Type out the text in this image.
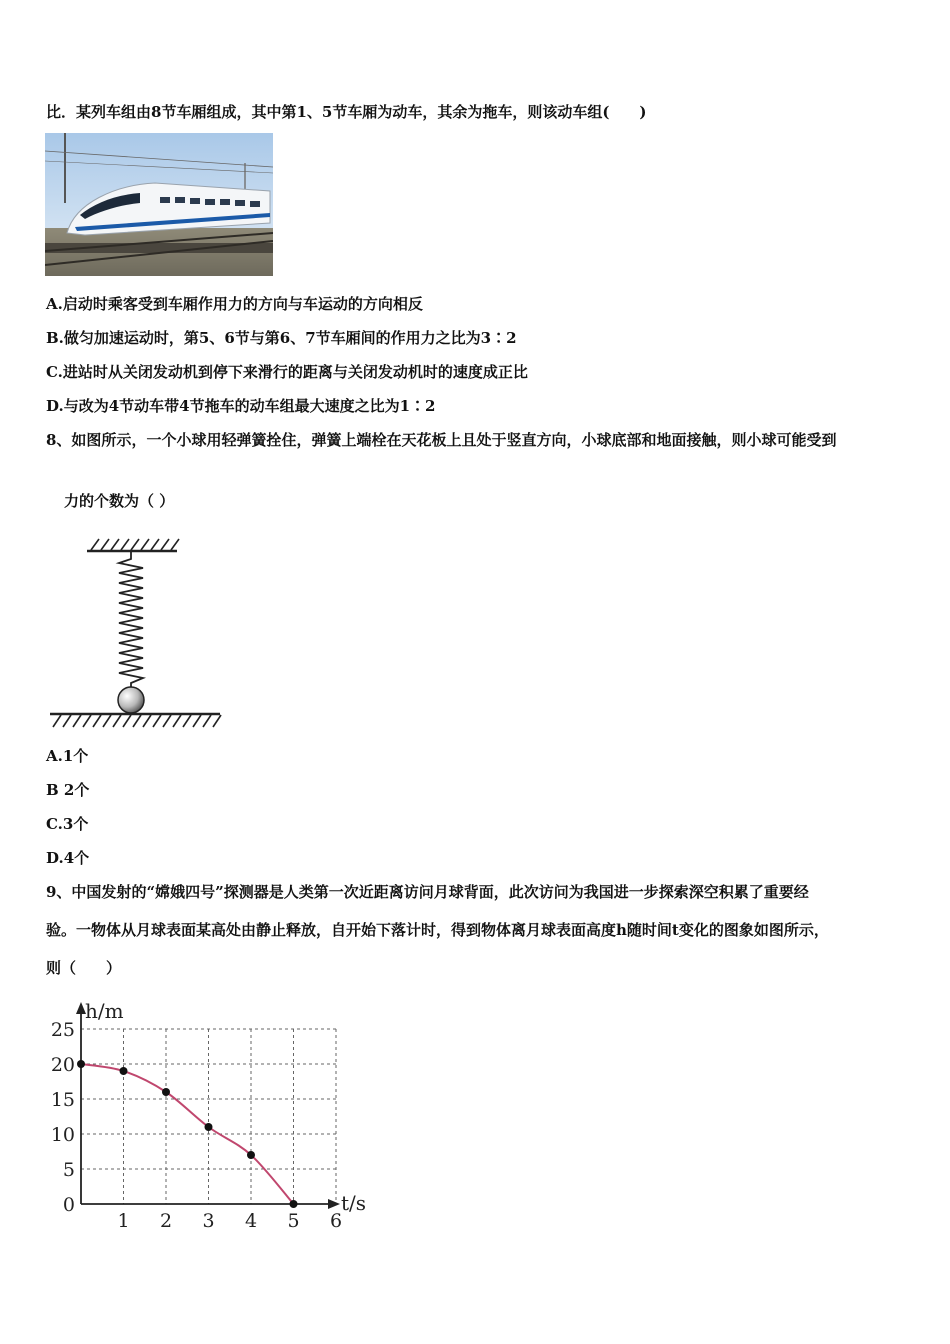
比．某列车组由8节车厢组成，其中第1、5节车厢为动车，其余为拖车，则该动车组(　　)
A.启动时乘客受到车厢作用力的方向与车运动的方向相反
B.做匀加速运动时，第5、6节与第6、7节车厢间的作用力之比为3∶2
C.进站时从关闭发动机到停下来滑行的距离与关闭发动机时的速度成正比
D.与改为4节动车带4节拖车的动车组最大速度之比为1∶2
8、如图所示，一个小球用轻弹簧拴住，弹簧上端栓在天花板上且处于竖直方向，小球底部和地面接触，则小球可能受到
力的个数为（ ）
A.1个
B 2个
C.3个
D.4个
9、中国发射的“嫦娥四号”探测器是人类第一次近距离访问月球背面，此次访问为我国进一步探索深空积累了重要经
验。一物体从月球表面某高处由静止释放，自开始下落计时，得到物体离月球表面高度h随时间t变化的图象如图所示，
则（　　）
0
5
10
15
20
25
1 2 3 4 5 6
h/m
t/s
